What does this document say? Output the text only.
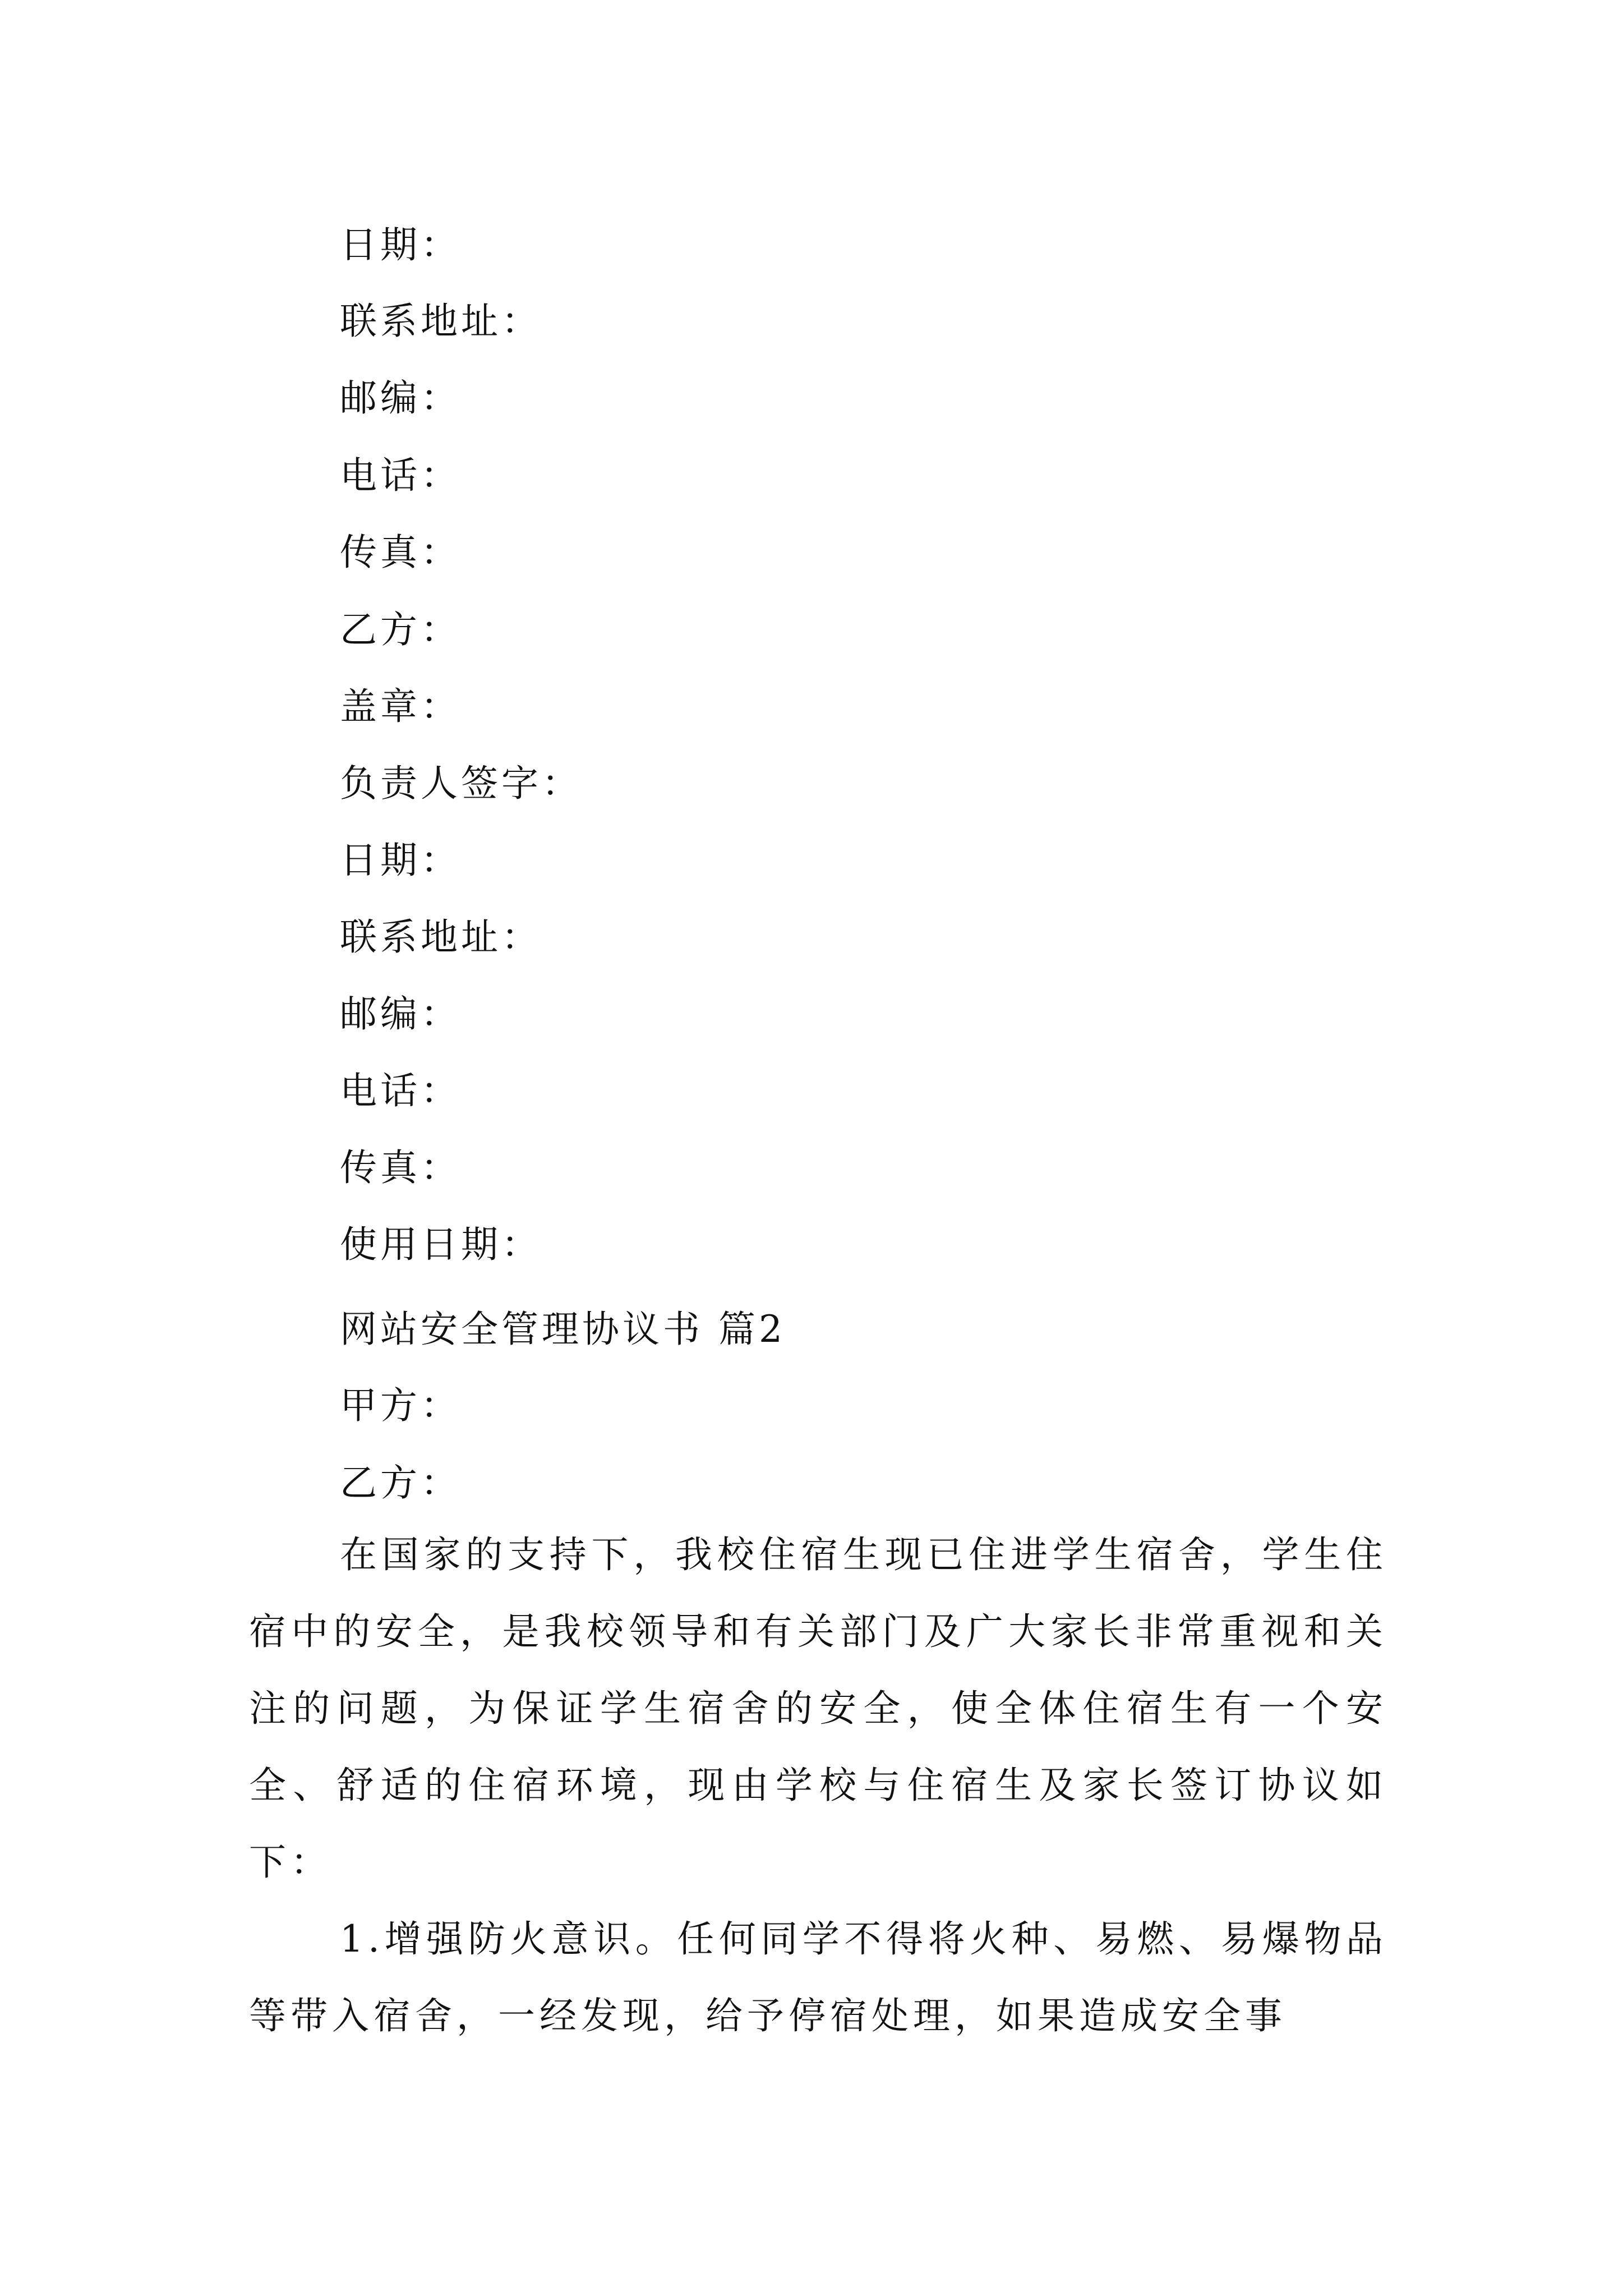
日期：
联系地址：
邮编：
电话：
传真：
乙方：
盖章：
负责人签字：
日期：
联系地址：
邮编：
电话：
传真：
使用日期：
网站安全管理协议书 篇2
甲方：
乙方：

在国家的支持下，我校住宿生现已住进学生宿舍，学生住宿中的安全，是我校领导和有关部门及广大家长非常重视和关注的问题，为保证学生宿舍的安全，使全体住宿生有一个安全、舒适的住宿环境，现由学校与住宿生及家长签订协议如下：

1.增强防火意识。任何同学不得将火种、易燃、易爆物品等带入宿舍，一经发现，给予停宿处理，如果造成安全事
